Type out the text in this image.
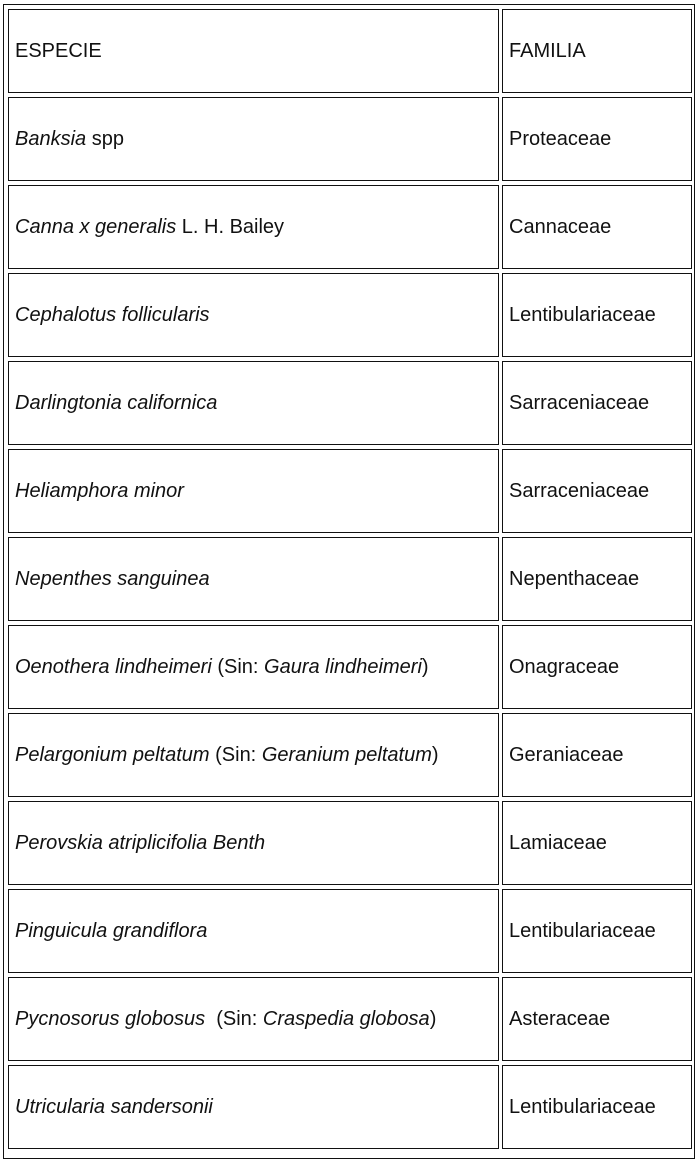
ESPECIE	FAMILIA
Banksia spp	Proteaceae
Canna x generalis L. H. Bailey	Cannaceae
Cephalotus follicularis	Lentibulariaceae
Darlingtonia californica	Sarraceniaceae
Heliamphora minor	Sarraceniaceae
Nepenthes sanguinea	Nepenthaceae
Oenothera lindheimeri (Sin: Gaura lindheimeri )	Onagraceae
Pelargonium peltatum (Sin: Geranium peltatum )	Geraniaceae
Perovskia atriplicifolia Benth	Lamiaceae
Pinguicula grandiflora	Lentibulariaceae
Pycnosorus globosus (Sin: Craspedia globosa )	Asteraceae
Utricularia sandersonii	Lentibulariaceae
